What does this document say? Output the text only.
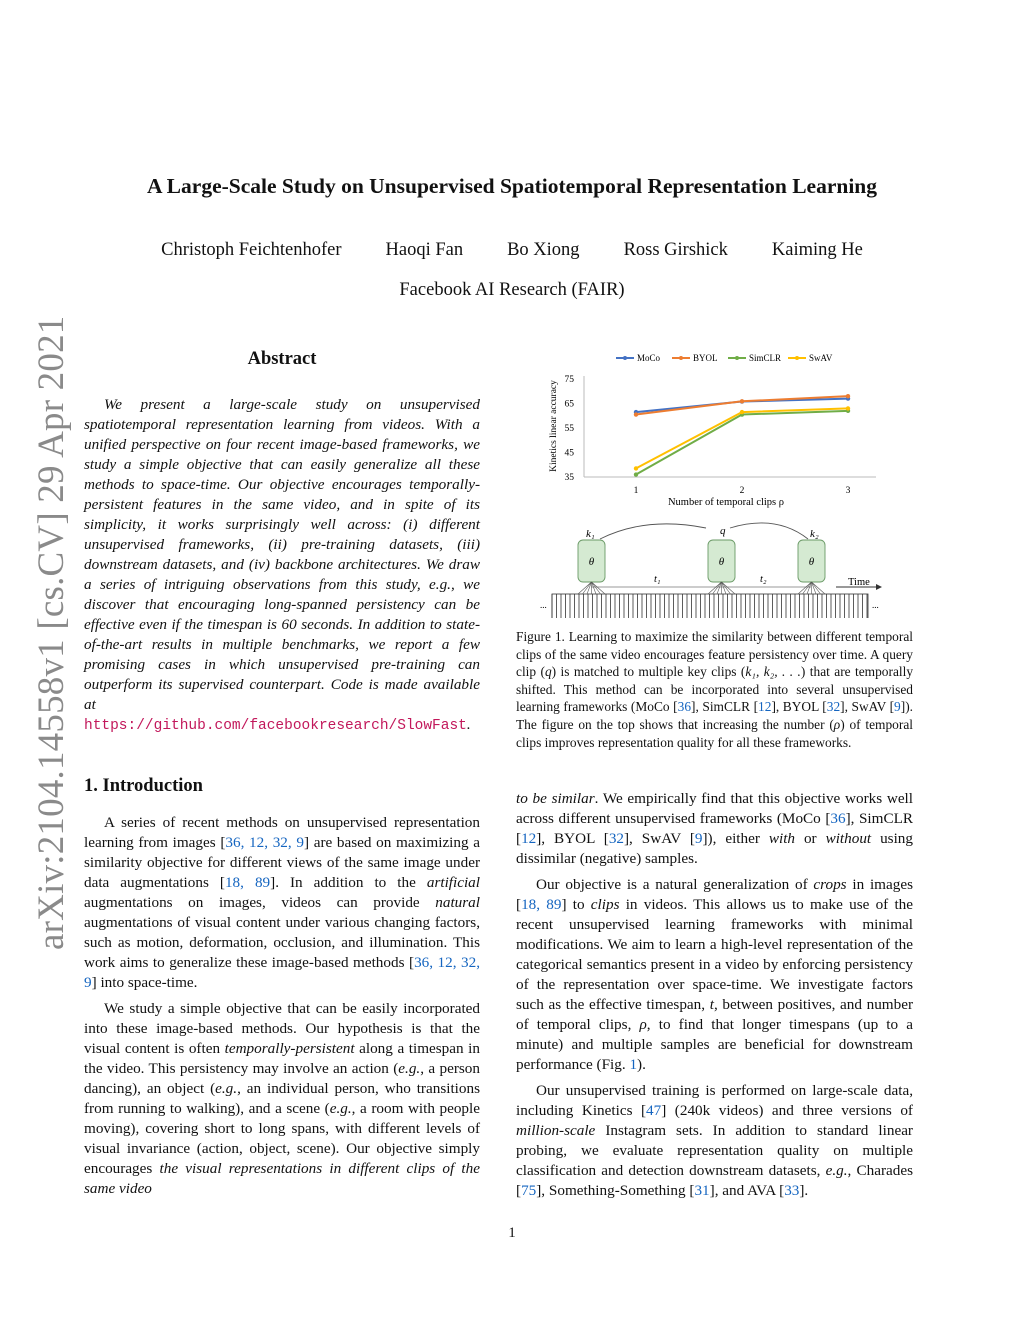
arXiv:2104.14558v1 [cs.CV] 29 Apr 2021
A Large-Scale Study on Unsupervised Spatiotemporal Representation Learning
Christoph Feichtenhofer Haoqi Fan Bo Xiong Ross Girshick Kaiming He
Facebook AI Research (FAIR)
Abstract

We present a large-scale study on unsupervised spatiotemporal representation learning from videos. With a unified perspective on four recent image-based frameworks, we study a simple objective that can easily generalize all these methods to space-time. Our objective encourages temporally-persistent features in the same video, and in spite of its simplicity, it works surprisingly well across: (i) different unsupervised frameworks, (ii) pre-training datasets, (iii) downstream datasets, and (iv) backbone architectures. We draw a series of intriguing observations from this study, e.g., we discover that encouraging long-spanned persistency can be effective even if the timespan is 60 seconds. In addition to state-of-the-art results in multiple benchmarks, we report a few promising cases in which unsupervised pre-training can outperform its supervised counterpart. Code is made available at https://github.com/facebookresearch/SlowFast.

1. Introduction

A series of recent methods on unsupervised representation learning from images [36, 12, 32, 9] are based on maximizing a similarity objective for different views of the same image under data augmentations [18, 89]. In addition to the artificial augmentations on images, videos can provide natural augmentations of visual content under various changing factors, such as motion, deformation, occlusion, and illumination. This work aims to generalize these image-based methods [36, 12, 32, 9] into space-time.

We study a simple objective that can be easily incorporated into these image-based methods. Our hypothesis is that the visual content is often temporally-persistent along a timespan in the video. This persistency may involve an action (e.g., a person dancing), an object (e.g., an individual person, who transitions from running to walking), and a scene (e.g., a room with people moving), covering short to long spans, with different levels of visual invariance (action, object, scene). Our objective simply encourages the visual representations in different clips of the same video

MoCo	BYOL	SimCLR	SwAV
35
45
55
65
75
1	2	3
Kinetics linear accuracy
Number of temporal clips ρ
k₁	q	k₂
θ	θ	θ
t₁	t₂	Time
...	...
Figure 1. Learning to maximize the similarity between different temporal clips of the same video encourages feature persistency over time. A query clip (q) is matched to multiple key clips (k₁, k₂, . . .) that are temporally shifted. This method can be incorporated into several unsupervised learning frameworks (MoCo [36], SimCLR [12], BYOL [32], SwAV [9]). The figure on the top shows that increasing the number (ρ) of temporal clips improves representation quality for all these frameworks.

to be similar. We empirically find that this objective works well across different unsupervised frameworks (MoCo [36], SimCLR [12], BYOL [32], SwAV [9]), either with or without using dissimilar (negative) samples.

Our objective is a natural generalization of crops in images [18, 89] to clips in videos. This allows us to make use of the recent unsupervised learning frameworks with minimal modifications. We aim to learn a high-level representation of the categorical semantics present in a video by enforcing persistency of the representation over space-time. We investigate factors such as the effective timespan, t, between positives, and number of temporal clips, ρ, to find that longer timespans (up to a minute) and multiple samples are beneficial for downstream performance (Fig. 1).

Our unsupervised training is performed on large-scale data, including Kinetics [47] (240k videos) and three versions of million-scale Instagram sets. In addition to standard linear probing, we evaluate representation quality on multiple classification and detection downstream datasets, e.g., Charades [75], Something-Something [31], and AVA [33].

1
